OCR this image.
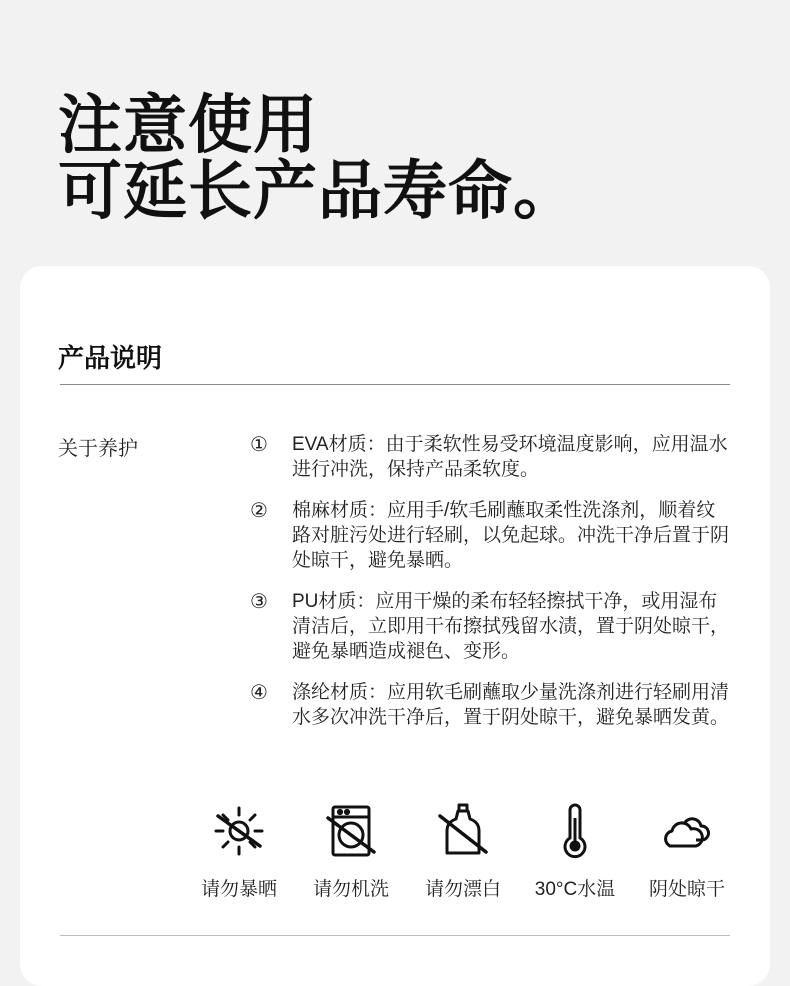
注意使用
可延长产品寿命。
产品说明
关于养护	①	EVA材质：由于柔软性易受环境温度影响，应用温水进行冲洗，保持产品柔软度。
②	棉麻材质：应用手/软毛刷蘸取柔性洗涤剂，顺着纹路对脏污处进行轻刷，以免起球。冲洗干净后置于阴处晾干，避免暴晒。
③	PU材质：应用干燥的柔布轻轻擦拭干净，或用湿布清洁后，立即用干布擦拭残留水渍，置于阴处晾干，避免暴晒造成褪色、变形。
④	涤纶材质：应用软毛刷蘸取少量洗涤剂进行轻刷用清水多次冲洗干净后，置于阴处晾干，避免暴晒发黄。
请勿暴晒 请勿机洗 请勿漂白 30°C水温 阴处晾干
